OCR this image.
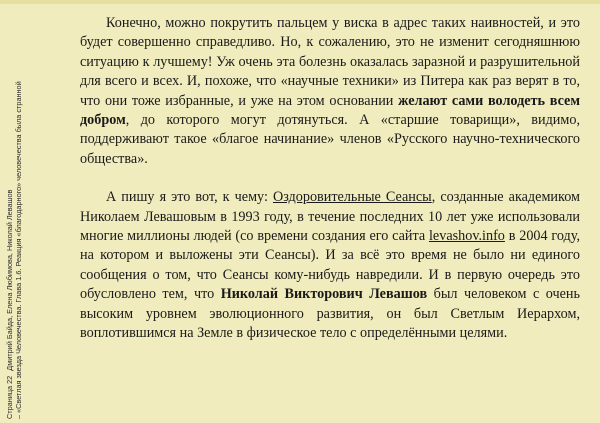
Страница 22 Дмитрий Байда, Елена Любимова, Николай Левашов – «Светлая звезда Человечества. Глава 1.6. Реакция «благодарного» человечества была странной

Конечно, можно покрутить пальцем у виска в адрес таких наивностей, и это будет совершенно справедливо. Но, к сожалению, это не изменит сегодняшнюю ситуацию к лучшему! Уж очень эта болезнь оказалась заразной и разрушительной для всего и всех. И, похоже, что «научные техники» из Питера как раз верят в то, что они тоже избранные, и уже на этом основании желают сами володеть всем добром, до которого могут дотянуться. А «старшие товарищи», видимо, поддерживают такое «благое начинание» членов «Русского научно-технического общества».

А пишу я это вот, к чему: Оздоровительные Сеансы, созданные академиком Николаем Левашовым в 1993 году, в течение последних 10 лет уже использовали многие миллионы людей (со времени создания его сайта levashov.info в 2004 году, на котором и выложены эти Сеансы). И за всё это время не было ни единого сообщения о том, что Сеансы кому-нибудь навредили. И в первую очередь это обусловлено тем, что Николай Викторович Левашов был человеком с очень высоким уровнем эволюционного развития, он был Светлым Иерархом, воплотившимся на Земле в физическое тело с определёнными целями.
